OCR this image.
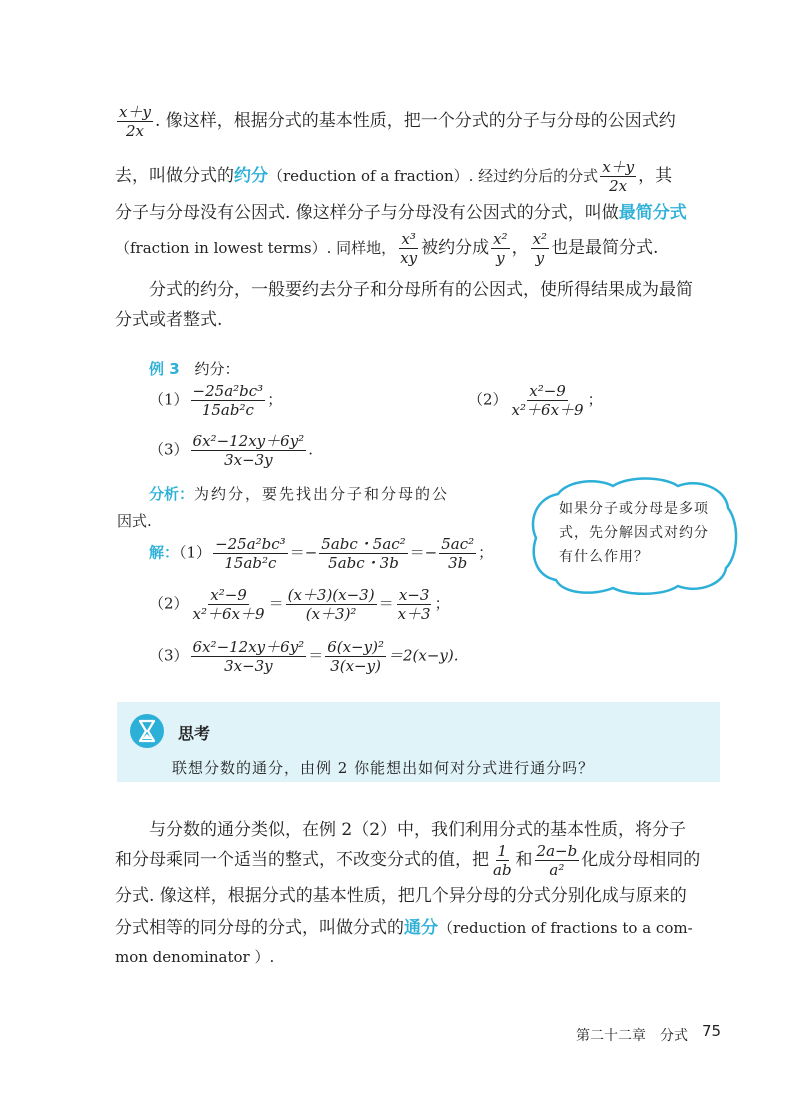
$\frac{x+y}{2x}$ . 像这样，根据分式的基本性质，把一个分式的分子与分母的公因式约
去，叫做分式的约分（reduction of a fraction）. 经过约分后的分式 $\frac{x+y}{2x}$ ，其
分子与分母没有公因式. 像这样分子与分母没有公因式的分式，叫做最简分式
（fraction in lowest terms）. 同样地， $\frac{\text{x³}}{xy}$ 被约分成 $\frac{\text{x²}}{y}$ ， $\frac{\text{x²}}{y}$ 也是最简分式.
分式的约分，一般要约去分子和分母所有的公因式，使所得结果成为最简
分式或者整式.
例 3 约分：
$(1) \frac{\text{−25a²bc³}}{\text{15ab²c}}$ ；	$(2) \frac{\text{x²−9}}{\text{x²＋6x＋9}}$ ；
$(3) \frac{\text{6x²−12xy＋6y²}}{3x-3y}$ .
分析：为约分，要先找出分子和分母的公
因式.
解：$(1) \frac{\text{−25a²bc³}}{\text{15ab²c}} =- \frac{\text{5abc・5ac²}}{\text{5abc・3b}} =- \frac{\text{5ac²}}{3b}$ ；
$(2) \frac{\text{x²−9}}{\text{x²＋6x＋9}} = \frac{(x+3)(x-3)}{\text{(x＋3)²}} = \frac{x-3}{x+3}$ ；
$(3) \frac{\text{6x²−12xy＋6y²}}{3x-3y} = \frac{\text{6(x−y)²}}{3(x-y)} =2(x-y)$.
如果分子或分母是多项式，先分解因式对约分有什么作用？
思考
联想分数的通分，由例 2 你能想出如何对分式进行通分吗？
与分数的通分类似，在例 2（2）中，我们利用分式的基本性质，将分子
和分母乘同一个适当的整式，不改变分式的值，把 $\frac{1}{ab}$ 和 $\frac{2a-b}{\text{a²}}$ 化成分母相同的
分式. 像这样，根据分式的基本性质，把几个异分母的分式分别化成与原来的
分式相等的同分母的分式，叫做分式的通分（reduction of fractions to a com-
mon denominator ）.
第二十二章　分式 75
